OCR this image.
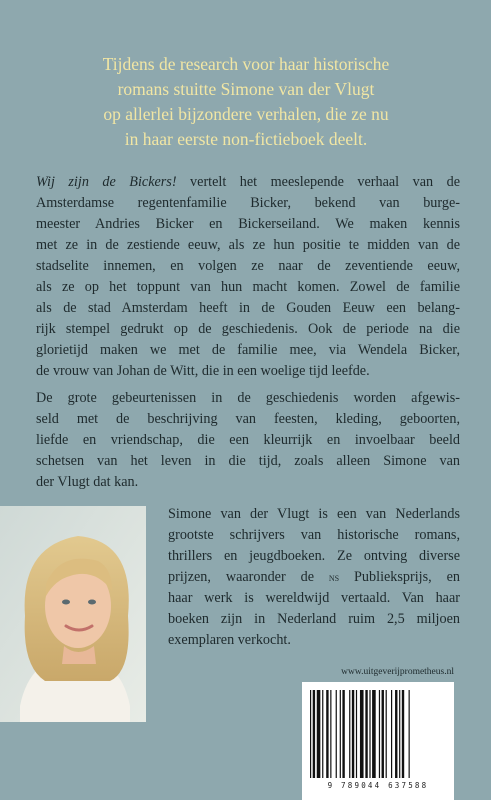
Tijdens de research voor haar historische
romans stuitte Simone van der Vlugt
op allerlei bijzondere verhalen, die ze nu
in haar eerste non-fictieboek deelt.
Wij zijn de Bickers! vertelt het meeslepende verhaal van de
Amsterdamse regentenfamilie Bicker, bekend van burge-
meester Andries Bicker en Bickerseiland. We maken kennis
met ze in de zestiende eeuw, als ze hun positie te midden van de
stadselite innemen, en volgen ze naar de zeventiende eeuw,
als ze op het toppunt van hun macht komen. Zowel de familie
als de stad Amsterdam heeft in de Gouden Eeuw een belang-
rijk stempel gedrukt op de geschiedenis. Ook de periode na die
glorietijd maken we met de familie mee, via Wendela Bicker,
de vrouw van Johan de Witt, die in een woelige tijd leefde.
De grote gebeurtenissen in de geschiedenis worden afgewis-
seld met de beschrijving van feesten, kleding, geboorten,
liefde en vriendschap, die een kleurrijk en invoelbaar beeld
schetsen van het leven in die tijd, zoals alleen Simone van
der Vlugt dat kan.
Simone van der Vlugt is een van Nederlands
grootste schrijvers van historische romans,
thrillers en jeugdboeken. Ze ontving diverse
prijzen, waaronder de ns Publieksprijs, en
haar werk is wereldwijd vertaald. Van haar
boeken zijn in Nederland ruim 2,5 miljoen
exemplaren verkocht.
www.uitgeverijprometheus.nl
9 789044 637588
